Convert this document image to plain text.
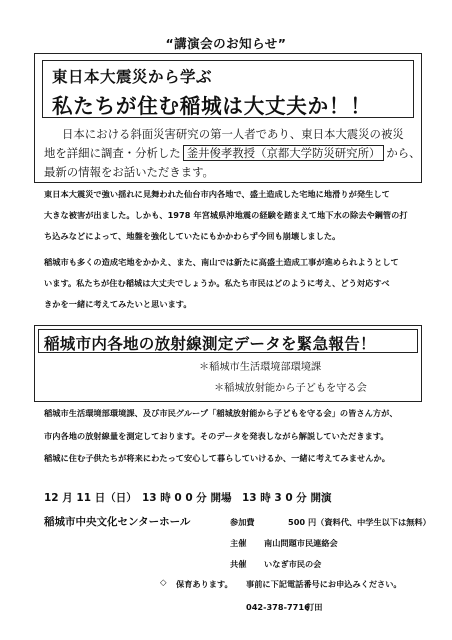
“講演会のお知らせ”
東日本大震災から学ぶ
私たちが住む稲城は大丈夫か！！
日本における斜面災害研究の第一人者であり、東日本大震災の被災
地を詳細に調査・分析した 釜井俊孝教授（京都大学防災研究所） から、
最新の情報をお話いただきます。
東日本大震災で強い揺れに見舞われた仙台市内各地で、盛土造成した宅地に地滑りが発生して
大きな被害が出ました。しかも、1978 年宮城県沖地震の経験を踏まえて地下水の除去や鋼管の打
ち込みなどによって、地盤を強化していたにもかかわらず今回も崩壊しました。
稲城市も多くの造成宅地をかかえ、また、南山では新たに高盛土造成工事が進められようとして
います。私たちが住む稲城は大丈夫でしょうか。私たち市民はどのように考え、どう対応すべ
きかを一緒に考えてみたいと思います。
稲城市内各地の放射線測定データを緊急報告！
＊稲城市生活環境部環境課
＊稲城放射能から子どもを守る会
稲城市生活環境部環境課、及び市民グループ「稲城放射能から子どもを守る会」の皆さん方が、
市内各地の放射線量を測定しております。そのデータを発表しながら解説していただきます。
稲城に住む子供たちが将来にわたって安心して暮らしていけるか、一緒に考えてみませんか。
12 月 11 日（日）　13 時 0 0 分 開場　13 時 3 0 分 開演
稲城市中央文化センターホール	参加費	500 円（資料代、中学生以下は無料）
主催 南山問題市民連絡会
共催 いなぎ市民の会
◇ 保育あります。 事前に下記電話番号にお申込みください。
042-378-7716
打田
